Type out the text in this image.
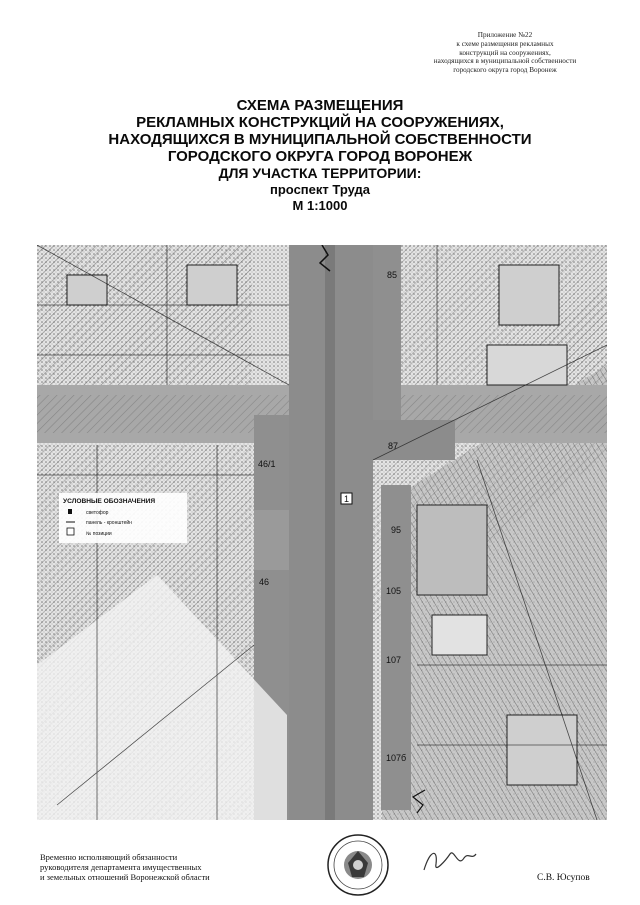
Приложение №22
к схеме размещения рекламных
конструкций на сооружениях,
находящихся в муниципальной собственности
городского округа город Воронеж
СХЕМА РАЗМЕЩЕНИЯ
РЕКЛАМНЫХ КОНСТРУКЦИЙ НА СООРУЖЕНИЯХ,
НАХОДЯЩИХСЯ В МУНИЦИПАЛЬНОЙ СОБСТВЕННОСТИ
ГОРОДСКОГО ОКРУГА ГОРОД ВОРОНЕЖ
ДЛЯ УЧАСТКА ТЕРРИТОРИИ:
проспект Труда
М 1:1000
1
85
87
46/1
95
46
105
107
107б
УСЛОВНЫЕ ОБОЗНАЧЕНИЯ
светофор
панель - кронштейн
№ позиции
Временно исполняющий обязанности
руководителя департамента имущественных
и земельных отношений Воронежской области	С.В. Юсупов
